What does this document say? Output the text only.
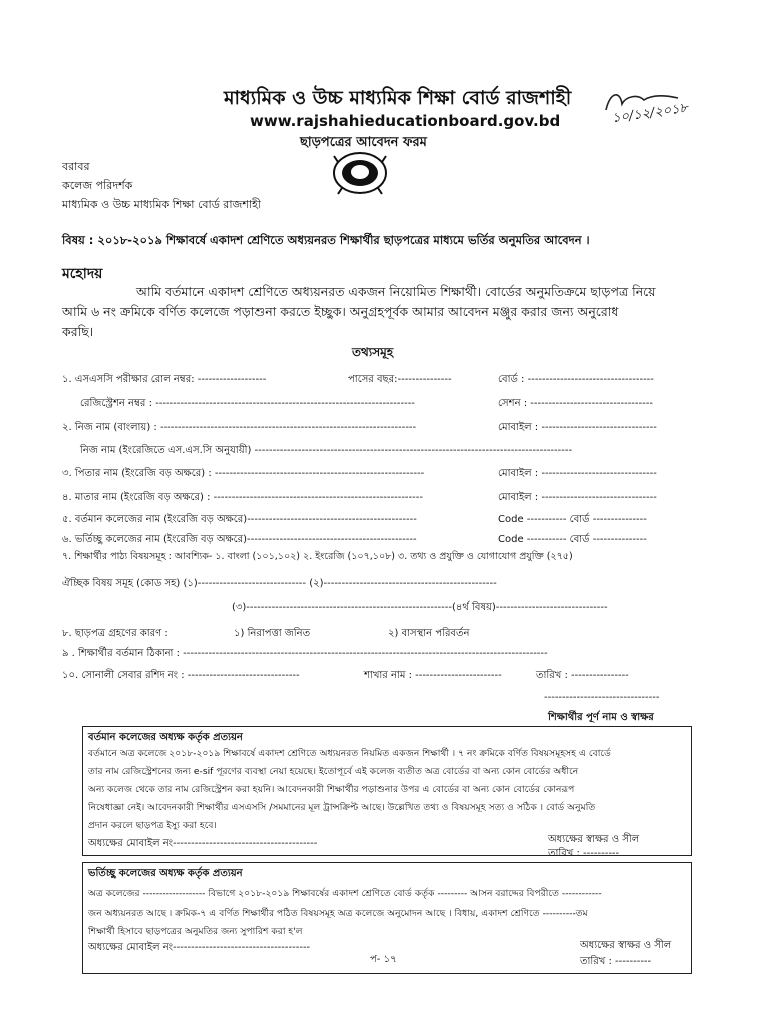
মাধ্যমিক ও উচ্চ মাধ্যমিক শিক্ষা বোর্ড রাজশাহী
www.rajshahieducationboard.gov.bd
ছাড়পত্রের আবেদন ফরম
১০/১২/২০১৮
বরাবর
কলেজ পরিদর্শক
মাধ্যমিক ও উচ্চ মাধ্যমিক শিক্ষা বোর্ড রাজশাহী
বিষয় : ২০১৮-২০১৯ শিক্ষাবর্ষে একাদশ শ্রেণিতে অধ্যয়নরত শিক্ষার্থীর ছাড়পত্রের মাধ্যমে ভর্তির অনুমতির আবেদন ।
মহোদয়
আমি বর্তমানে একাদশ শ্রেণিতে অধ্যয়নরত একজন নিয়োমিত শিক্ষার্থী। বোর্ডের অনুমতিক্রমে ছাড়পত্র নিয়ে
আমি ৬ নং ক্রমিকে বর্ণিত কলেজে পড়াশুনা করতে ইচ্ছুক। অনুগ্রহপূর্বক আমার আবেদন মঞ্জুর করার জন্য অনুরোধ
করছি।
তথ্যসমূহ
১. এসএসসি পরীক্ষার রোল নম্বর: -------------------	পাসের বছর:---------------	বোর্ড : -----------------------------------
রেজিস্ট্রেশন নম্বর : ------------------------------------------------------------------------	সেশন : ----------------------------------
২. নিজ নাম (বাংলায়) : -----------------------------------------------------------------------	মোবাইল : --------------------------------
নিজ নাম (ইংরেজিতে এস.এস.সি অনুযায়ী) ----------------------------------------------------------------------------------------
৩. পিতার নাম (ইংরেজি বড় অক্ষরে) : ----------------------------------------------------------	মোবাইল : --------------------------------
৪. মাতার নাম (ইংরেজি বড় অক্ষরে) : ----------------------------------------------------------	মোবাইল : --------------------------------
৫. বর্তমান কলেজের নাম (ইংরেজি বড় অক্ষরে)-----------------------------------------------	Code ----------- বোর্ড ---------------
৬. ভর্তিচ্ছু কলেজের নাম (ইংরেজি বড় অক্ষরে)-----------------------------------------------	Code ----------- বোর্ড ---------------
৭. শিক্ষার্থীর পাঠ্য বিষয়সমূহ : আবশ্যিক- ১. বাংলা (১০১,১০২) ২. ইংরেজি (১০৭,১০৮) ৩. তথ্য ও প্রযুক্তি ও যোগাযোগ প্রযুক্তি (২৭৫)
ঐচ্ছিক বিষয় সমূহ (কোড সহ) (১)------------------------------ (২)------------------------------------------------
(৩)---------------------------------------------------------(৪র্থ বিষয়)-------------------------------
৮. ছাড়পত্র গ্রহণের কারণ :	১) নিরাপত্তা জনিত	২) বাসস্থান পরিবর্তন
৯ . শিক্ষার্থীর বর্তমান ঠিকানা : -----------------------------------------------------------------------------------------------------
১০. সোনালী সেবার রশিদ নং : -------------------------------	শাখার নাম : ------------------------	তারিখ : ----------------
--------------------------------
শিক্ষার্থীর পূর্ণ নাম ও স্বাক্ষর
বর্তমান কলেজের অধ্যক্ষ কর্তৃক প্রত্যয়ন
বর্তমানে অত্র কলেজে ২০১৮-২০১৯ শিক্ষাবর্ষে একাদশ শ্রেণিতে অধ্যয়নরত নিয়মিত একজন শিক্ষার্থী । ৭ নং ক্রমিকে বর্ণিত বিষয়সমূহসহ এ বোর্ডে
তার নাম রেজিস্ট্রেশনের জন্য e-sif পূরণের ব্যবস্থা নেয়া হয়েছে। ইতোপূর্বে এই কলেজ ব্যতীত অত্র বোর্ডের বা অন্য কোন বোর্ডের অধীনে
অন্য কলেজ থেকে তার নাম রেজিস্ট্রেশন করা হয়নি। আবেদনকারী শিক্ষার্থীর পড়াশুনার উপর এ বোর্ডের বা অন্য কোন বোর্ডের কোনরূপ
নিষেধাজ্ঞা নেই। আবেদনকারী শিক্ষার্থীর এসএসসি /সমমানের মূল ট্রান্সক্রিপ্ট আছে। উল্লেখিত তথ্য ও বিষয়সমূহ সত্য ও সঠিক । বোর্ড অনুমতি
প্রদান করলে ছাড়পত্র ইস্যু করা হবে।
অধ্যক্ষের মোবাইল নং----------------------------------------	অধ্যক্ষের স্বাক্ষর ও সীল
তারিখ : ----------
ভর্তিচ্ছু কলেজের অধ্যক্ষ কর্তৃক প্রত্যয়ন
অত্র কলেজের ------------------- বিভাগে ২০১৮-২০১৯ শিক্ষাবর্ষের একাদশ শ্রেণিতে বোর্ড কর্তৃক --------- আসন বরাদ্দের বিপরীতে ------------
জন অধ্যয়নরত আছে । ক্রমিক-৭ এ বর্ণিত শিক্ষার্থীর পঠিত বিষয়সমূহ অত্র কলেজে অনুমোদন আছে । বিধায়, একাদশ শ্রেণিতে ----------তম
শিক্ষার্থী হিসাবে ছাড়পত্রের অনুমতির জন্য সুপারিশ করা হ'ল
অধ্যক্ষের মোবাইল নং--------------------------------------
প- ১৭
অধ্যক্ষের স্বাক্ষর ও সীল
তারিখ : ----------
